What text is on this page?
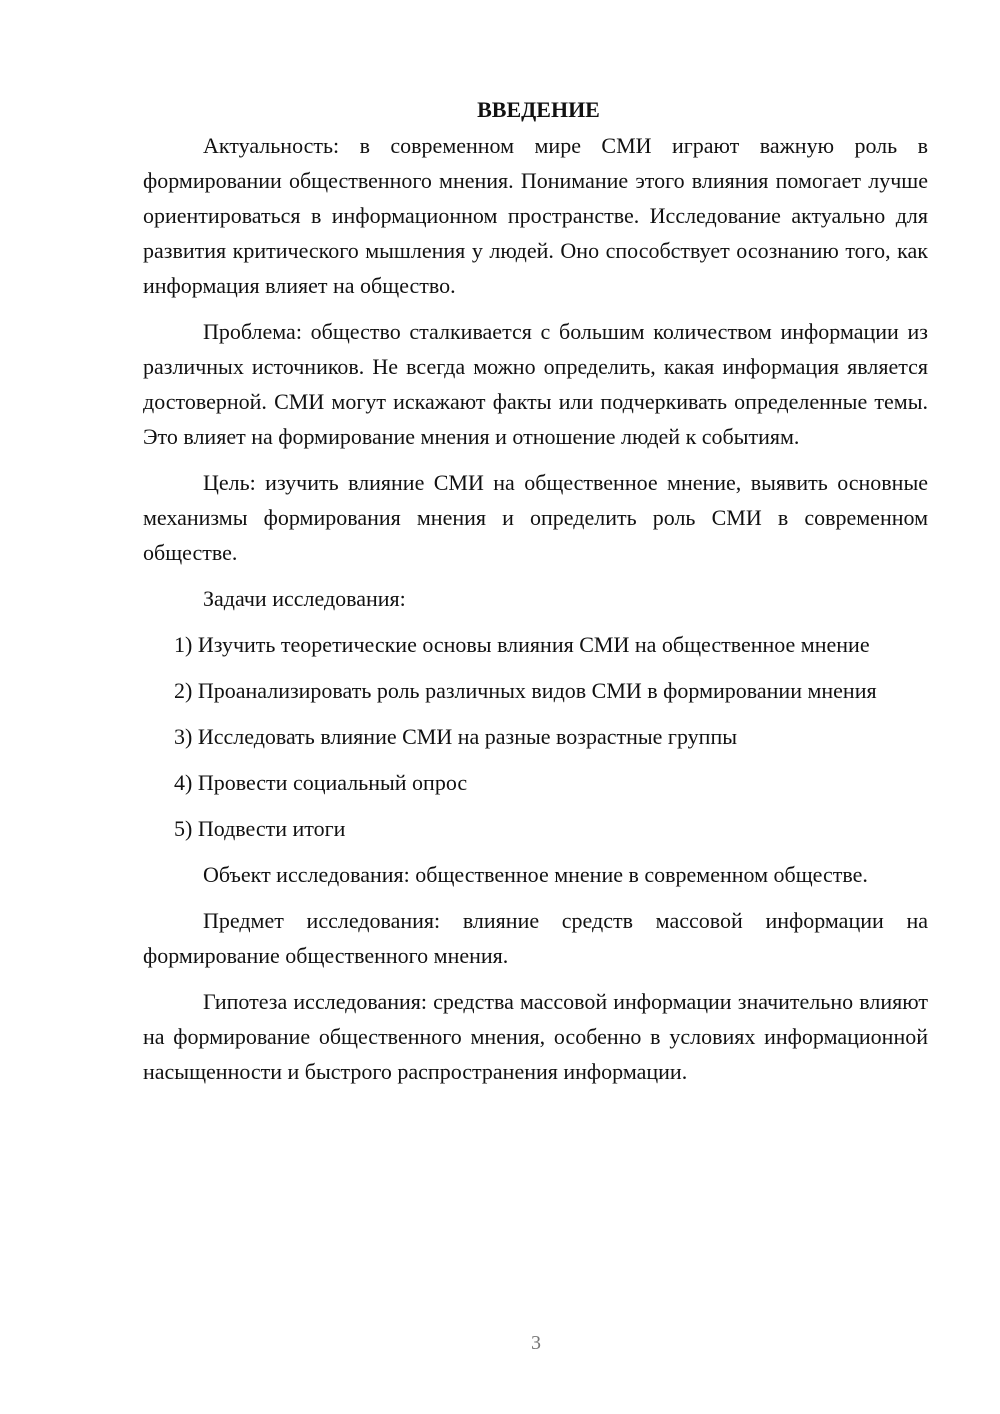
ВВЕДЕНИЕ

Актуальность: в современном мире СМИ играют важную роль в формировании общественного мнения. Понимание этого влияния помогает лучше ориентироваться в информационном пространстве. Исследование актуально для развития критического мышления у людей. Оно способствует осознанию того, как информация влияет на общество.

Проблема: общество сталкивается с большим количеством информации из различных источников. Не всегда можно определить, какая информация является достоверной. СМИ могут искажают факты или подчеркивать определенные темы. Это влияет на формирование мнения и отношение людей к событиям.

Цель: изучить влияние СМИ на общественное мнение, выявить основные механизмы формирования мнения и определить роль СМИ в современном обществе.

Задачи исследования:

1) Изучить теоретические основы влияния СМИ на общественное мнение

2) Проанализировать роль различных видов СМИ в формировании мнения

3) Исследовать влияние СМИ на разные возрастные группы

4) Провести социальный опрос

5) Подвести итоги

Объект исследования: общественное мнение в современном обществе.

Предмет исследования: влияние средств массовой информации на формирование общественного мнения.

Гипотеза исследования: средства массовой информации значительно влияют на формирование общественного мнения, особенно в условиях информационной насыщенности и быстрого распространения информации.

3
